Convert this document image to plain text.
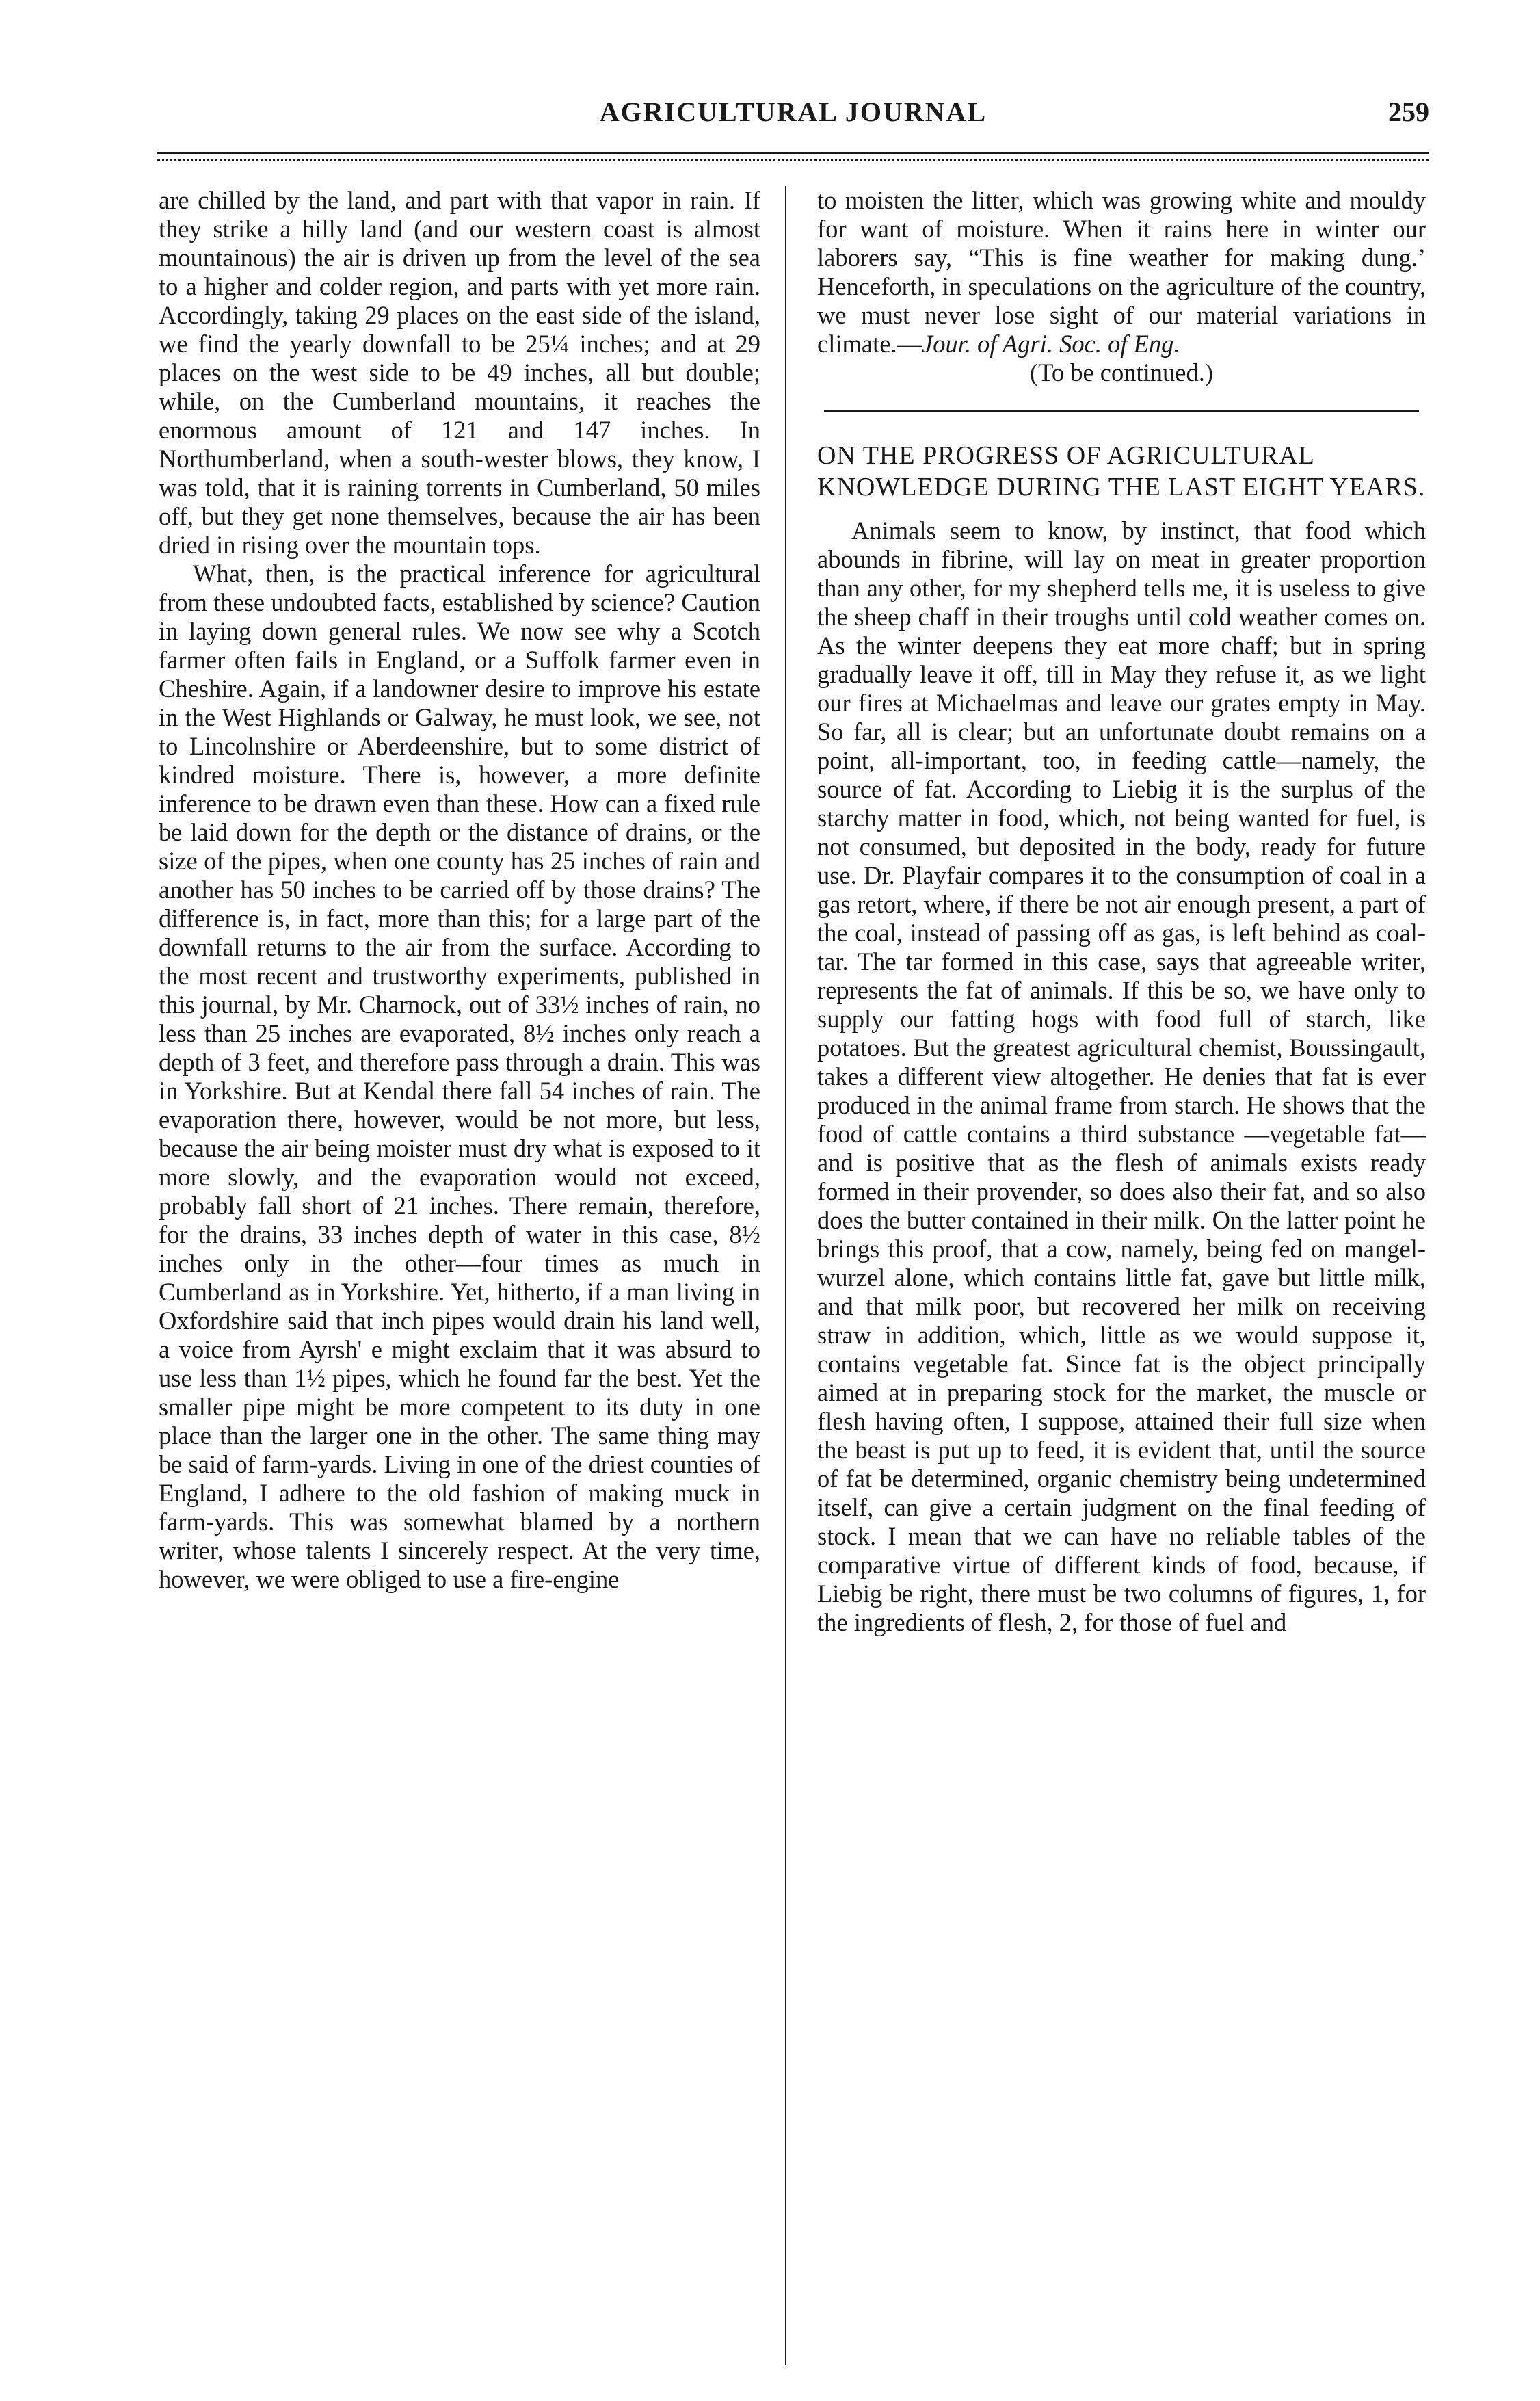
AGRICULTURAL JOURNAL	259

are chilled by the land, and part with that vapor in rain. If they strike a hilly land (and our western coast is almost mountainous) the air is driven up from the level of the sea to a higher and colder region, and parts with yet more rain. Accordingly, taking 29 places on the east side of the island, we find the yearly downfall to be 25¼ inches; and at 29 places on the west side to be 49 inches, all but double; while, on the Cumberland mountains, it reaches the enormous amount of 121 and 147 inches. In Northumberland, when a south-wester blows, they know, I was told, that it is raining torrents in Cumberland, 50 miles off, but they get none themselves, because the air has been dried in rising over the mountain tops.

What, then, is the practical inference for agricultural from these undoubted facts, established by science? Caution in laying down general rules. We now see why a Scotch farmer often fails in England, or a Suffolk farmer even in Cheshire. Again, if a landowner desire to improve his estate in the West Highlands or Galway, he must look, we see, not to Lincolnshire or Aberdeenshire, but to some district of kindred moisture. There is, however, a more definite inference to be drawn even than these. How can a fixed rule be laid down for the depth or the distance of drains, or the size of the pipes, when one county has 25 inches of rain and another has 50 inches to be carried off by those drains? The difference is, in fact, more than this; for a large part of the downfall returns to the air from the surface. According to the most recent and trustworthy experiments, published in this journal, by Mr. Charnock, out of 33½ inches of rain, no less than 25 inches are evaporated, 8½ inches only reach a depth of 3 feet, and therefore pass through a drain. This was in Yorkshire. But at Kendal there fall 54 inches of rain. The evaporation there, however, would be not more, but less, because the air being moister must dry what is exposed to it more slowly, and the evaporation would not exceed, probably fall short of 21 inches. There remain, therefore, for the drains, 33 inches depth of water in this case, 8½ inches only in the other—four times as much in Cumberland as in Yorkshire. Yet, hitherto, if a man living in Oxfordshire said that inch pipes would drain his land well, a voice from Ayrsh' e might exclaim that it was absurd to use less than 1½ pipes, which he found far the best. Yet the smaller pipe might be more competent to its duty in one place than the larger one in the other. The same thing may be said of farm-yards. Living in one of the driest counties of England, I adhere to the old fashion of making muck in farm-yards. This was somewhat blamed by a northern writer, whose talents I sincerely respect. At the very time, however, we were obliged to use a fire-engine

to moisten the litter, which was growing white and mouldy for want of moisture. When it rains here in winter our laborers say, “This is fine weather for making dung.’ Henceforth, in speculations on the agriculture of the country, we must never lose sight of our material variations in climate.—Jour. of Agri. Soc. of Eng.

(To be continued.)
ON THE PROGRESS OF AGRICULTURAL KNOWLEDGE DURING THE LAST EIGHT YEARS.

Animals seem to know, by instinct, that food which abounds in fibrine, will lay on meat in greater proportion than any other, for my shepherd tells me, it is useless to give the sheep chaff in their troughs until cold weather comes on. As the winter deepens they eat more chaff; but in spring gradually leave it off, till in May they refuse it, as we light our fires at Michaelmas and leave our grates empty in May. So far, all is clear; but an unfortunate doubt remains on a point, all-important, too, in feeding cattle—namely, the source of fat. According to Liebig it is the surplus of the starchy matter in food, which, not being wanted for fuel, is not consumed, but deposited in the body, ready for future use. Dr. Playfair compares it to the consumption of coal in a gas retort, where, if there be not air enough present, a part of the coal, instead of passing off as gas, is left behind as coal-tar. The tar formed in this case, says that agreeable writer, represents the fat of animals. If this be so, we have only to supply our fatting hogs with food full of starch, like potatoes. But the greatest agricultural chemist, Boussingault, takes a different view altogether. He denies that fat is ever produced in the animal frame from starch. He shows that the food of cattle contains a third substance —vegetable fat—and is positive that as the flesh of animals exists ready formed in their provender, so does also their fat, and so also does the butter contained in their milk. On the latter point he brings this proof, that a cow, namely, being fed on mangel-wurzel alone, which contains little fat, gave but little milk, and that milk poor, but recovered her milk on receiving straw in addition, which, little as we would suppose it, contains vegetable fat. Since fat is the object principally aimed at in preparing stock for the market, the muscle or flesh having often, I suppose, attained their full size when the beast is put up to feed, it is evident that, until the source of fat be determined, organic chemistry being undetermined itself, can give a certain judgment on the final feeding of stock. I mean that we can have no reliable tables of the comparative virtue of different kinds of food, because, if Liebig be right, there must be two columns of figures, 1, for the ingredients of flesh, 2, for those of fuel and
